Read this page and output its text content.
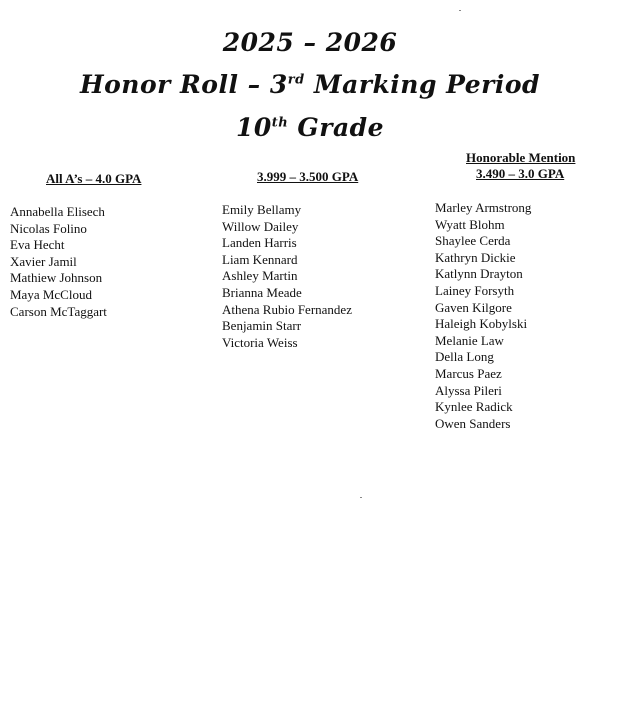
2025 – 2026
Honor Roll – 3rd Marking Period
10th Grade
All A’s – 4.0 GPA	3.999 – 3.500 GPA
Honorable Mention
3.490 – 3.0 GPA
Annabella Elisech
Nicolas Folino
Eva Hecht
Xavier Jamil
Mathiew Johnson
Maya McCloud
Carson McTaggart
Emily Bellamy
Willow Dailey
Landen Harris
Liam Kennard
Ashley Martin
Brianna Meade
Athena Rubio Fernandez
Benjamin Starr
Victoria Weiss
Marley Armstrong
Wyatt Blohm
Shaylee Cerda
Kathryn Dickie
Katlynn Drayton
Lainey Forsyth
Gaven Kilgore
Haleigh Kobylski
Melanie Law
Della Long
Marcus Paez
Alyssa Pileri
Kynlee Radick
Owen Sanders
